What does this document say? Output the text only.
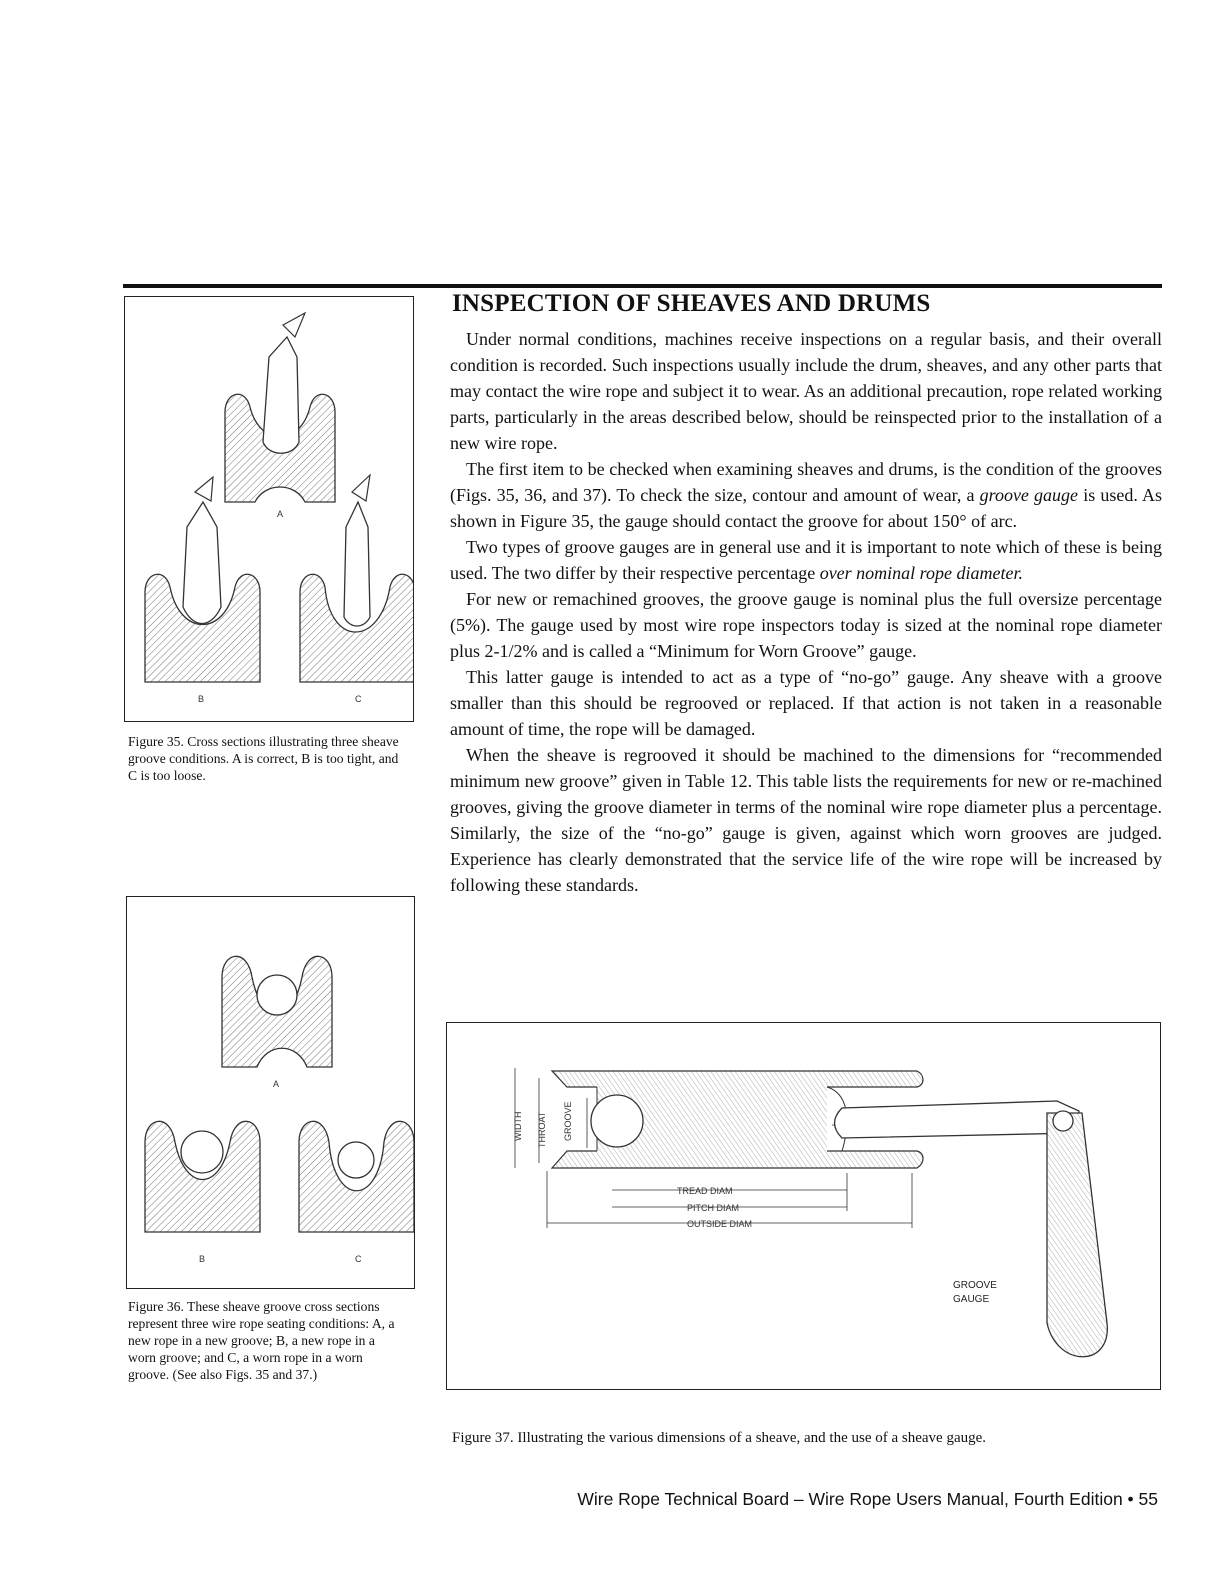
A
B	C
Figure 35. Cross sections illustrating three sheave groove conditions. A is correct, B is too tight, and C is too loose.
A
B	C
Figure 36. These sheave groove cross sections represent three wire rope seating conditions: A, a new rope in a new groove; B, a new rope in a worn groove; and C, a worn rope in a worn groove. (See also Figs. 35 and 37.)
INSPECTION OF SHEAVES AND DRUMS

Under normal conditions, machines receive inspections on a regular basis, and their overall condition is recorded. Such inspections usually include the drum, sheaves, and any other parts that may contact the wire rope and subject it to wear. As an additional precaution, rope related working parts, particularly in the areas described below, should be reinspected prior to the installation of a new wire rope.

The first item to be checked when examining sheaves and drums, is the condition of the grooves (Figs. 35, 36, and 37). To check the size, contour and amount of wear, a groove gauge is used. As shown in Figure 35, the gauge should contact the groove for about 150° of arc.

Two types of groove gauges are in general use and it is important to note which of these is being used. The two differ by their respective percentage over nominal rope diameter.

For new or remachined grooves, the groove gauge is nominal plus the full oversize percentage (5%). The gauge used by most wire rope inspectors today is sized at the nominal rope diameter plus 2-1/2% and is called a “Minimum for Worn Groove” gauge.

This latter gauge is intended to act as a type of “no-go” gauge. Any sheave with a groove smaller than this should be regrooved or replaced. If that action is not taken in a reasonable amount of time, the rope will be damaged.

When the sheave is regrooved it should be machined to the dimensions for “recommended minimum new groove” given in Table 12. This table lists the requirements for new or re-machined grooves, giving the groove diameter in terms of the nominal wire rope diameter plus a percentage. Similarly, the size of the “no-go” gauge is given, against which worn grooves are judged. Experience has clearly demonstrated that the service life of the wire rope will be increased by following these standards.

WIDTH THROAT GROOVE
TREAD DIAM
PITCH DIAM
OUTSIDE DIAM
GROOVE
GAUGE
Figure 37. Illustrating the various dimensions of a sheave, and the use of a sheave gauge.
Wire Rope Technical Board – Wire Rope Users Manual, Fourth Edition • 55
